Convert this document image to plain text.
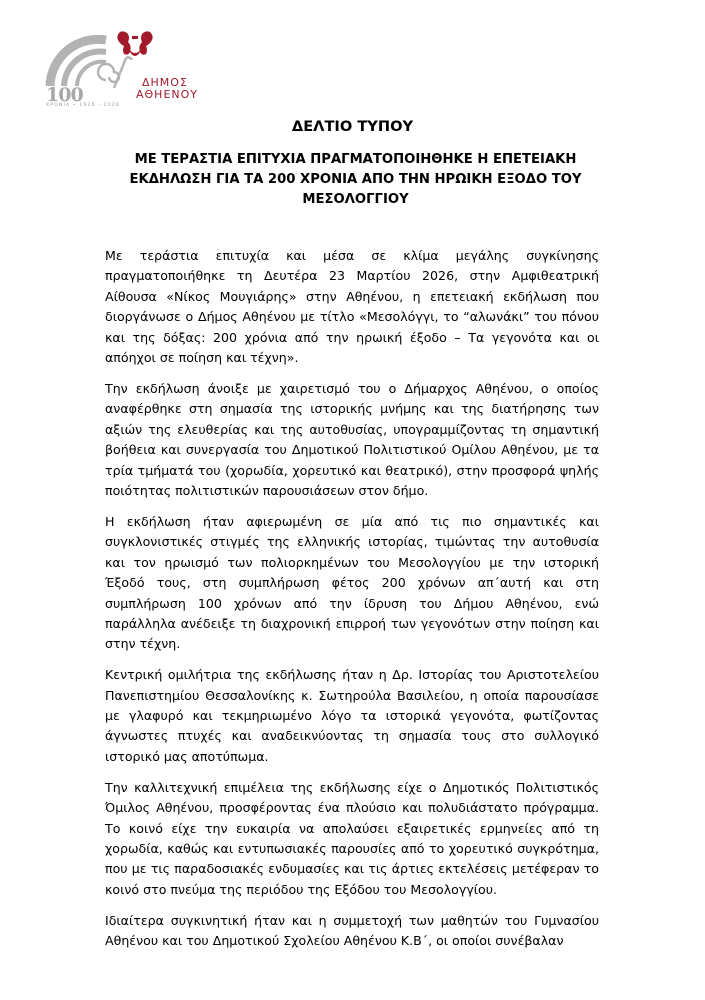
ΔΗΜΟΣ
ΑΘΗΕΝΟΥ
100
ΧΡΟΝΙΑ • 1926 - 2026
ΔΕΛΤΙΟ ΤΥΠΟΥ
ΜΕ ΤΕΡΑΣΤΙΑ ΕΠΙΤΥΧΙΑ ΠΡΑΓΜΑΤΟΠΟΙΗΘΗΚΕ Η ΕΠΕΤΕΙΑΚΗ ΕΚΔΗΛΩΣΗ ΓΙΑ ΤΑ 200 ΧΡΟΝΙΑ ΑΠΟ ΤΗΝ ΗΡΩΙΚΗ ΕΞΟΔΟ ΤΟΥ ΜΕΣΟΛΟΓΓΙΟΥ

Με τεράστια επιτυχία και μέσα σε κλίμα μεγάλης συγκίνησης πραγματοποιήθηκε τη Δευτέρα 23 Μαρτίου 2026, στην Αμφιθεατρική Αίθουσα «Νίκος Μουγιάρης» στην Αθηένου, η επετειακή εκδήλωση που διοργάνωσε ο Δήμος Αθηένου με τίτλο «Μεσολόγγι, το “αλωνάκι” του πόνου και της δόξας: 200 χρόνια από την ηρωική έξοδο – Τα γεγονότα και οι απόηχοι σε ποίηση και τέχνη».

Την εκδήλωση άνοιξε με χαιρετισμό του ο Δήμαρχος Αθηένου, ο οποίος αναφέρθηκε στη σημασία της ιστορικής μνήμης και της διατήρησης των αξιών της ελευθερίας και της αυτοθυσίας, υπογραμμίζοντας τη σημαντική βοήθεια και συνεργασία του Δημοτικού Πολιτιστικού Ομίλου Αθηένου, με τα τρία τμήματά του (χορωδία, χορευτικό και θεατρικό), στην προσφορά ψηλής ποιότητας πολιτιστικών παρουσιάσεων στον δήμο.

Η εκδήλωση ήταν αφιερωμένη σε μία από τις πιο σημαντικές και συγκλονιστικές στιγμές της ελληνικής ιστορίας, τιμώντας την αυτοθυσία και τον ηρωισμό των πολιορκημένων του Μεσολογγίου με την ιστορική Έξοδό τους, στη συμπλήρωση φέτος 200 χρόνων απ΄αυτή και στη συμπλήρωση 100 χρόνων από την ίδρυση του Δήμου Αθηένου, ενώ παράλληλα ανέδειξε τη διαχρονική επιρροή των γεγονότων στην ποίηση και στην τέχνη.

Κεντρική ομιλήτρια της εκδήλωσης ήταν η Δρ. Ιστορίας του Αριστοτελείου Πανεπιστημίου Θεσσαλονίκης κ. Σωτηρούλα Βασιλείου, η οποία παρουσίασε με γλαφυρό και τεκμηριωμένο λόγο τα ιστορικά γεγονότα, φωτίζοντας άγνωστες πτυχές και αναδεικνύοντας τη σημασία τους στο συλλογικό ιστορικό μας αποτύπωμα.

Την καλλιτεχνική επιμέλεια της εκδήλωσης είχε ο Δημοτικός Πολιτιστικός Όμιλος Αθηένου, προσφέροντας ένα πλούσιο και πολυδιάστατο πρόγραμμα. Το κοινό είχε την ευκαιρία να απολαύσει εξαιρετικές ερμηνείες από τη χορωδία, καθώς και εντυπωσιακές παρουσίες από το χορευτικό συγκρότημα, που με τις παραδοσιακές ενδυμασίες και τις άρτιες εκτελέσεις μετέφεραν το κοινό στο πνεύμα της περιόδου της Εξόδου του Μεσολογγίου.

Ιδιαίτερα συγκινητική ήταν και η συμμετοχή των μαθητών του Γυμνασίου Αθηένου και του Δημοτικού Σχολείου Αθηένου Κ.Β΄, οι οποίοι συνέβαλαν
